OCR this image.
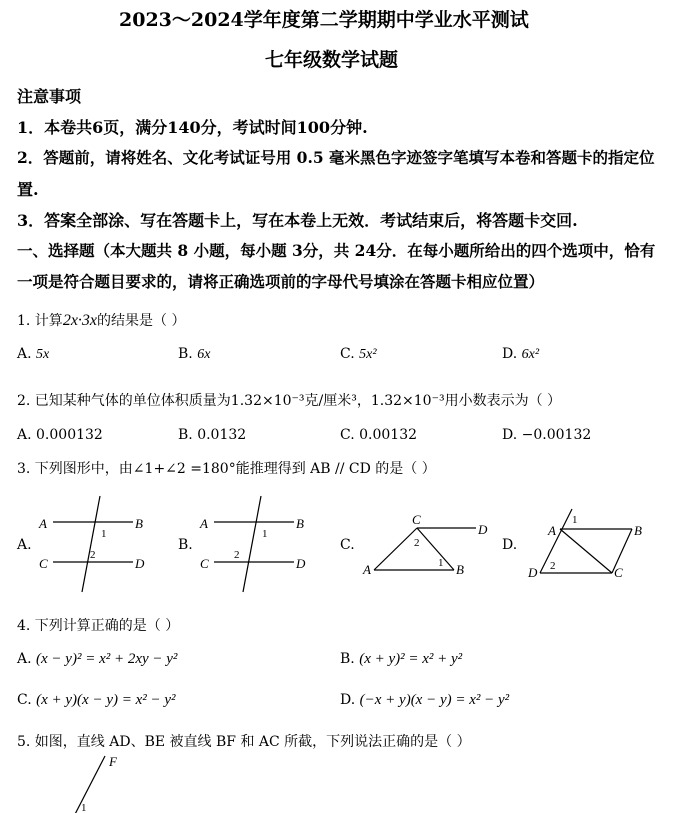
2023～2024学年度第二学期期中学业水平测试
七年级数学试题
注意事项
1．本卷共6页，满分140分，考试时间100分钟.
2．答题前，请将姓名、文化考试证号用 0.5 毫米黑色字迹签字笔填写本卷和答题卡的指定位
置.
3．答案全部涂、写在答题卡上，写在本卷上无效．考试结束后，将答题卡交回.
一、选择题（本大题共 8 小题，每小题 3分，共 24分．在每小题所给出的四个选项中，恰有
一项是符合题目要求的，请将正确选项前的字母代号填涂在答题卡相应位置）
1. 计算2x·3x的结果是（ ）
A. 5x	B. 6x	C. 5x²	D. 6x²
2. 已知某种气体的单位体积质量为1.32×10⁻³克/厘米³，1.32×10⁻³用小数表示为（ ）
A. 0.000132	B. 0.0132	C. 0.00132	D. −0.00132
3. 下列图形中，由∠1+∠2 =180°能推理得到 AB // CD 的是（ ）
A.
A	B
C	D
1
2
B.
A	B
C	D
1
2
C.
C
D
A	B
2
1
D.
A	B
D	C
1
2
4. 下列计算正确的是（ ）
A. (x − y)² = x² + 2xy − y²	B. (x + y)² = x² + y²
C. (x + y)(x − y) = x² − y²	D. (−x + y)(x − y) = x² − y²
5. 如图，直线 AD、BE 被直线 BF 和 AC 所截，下列说法正确的是（ ）
F
1
